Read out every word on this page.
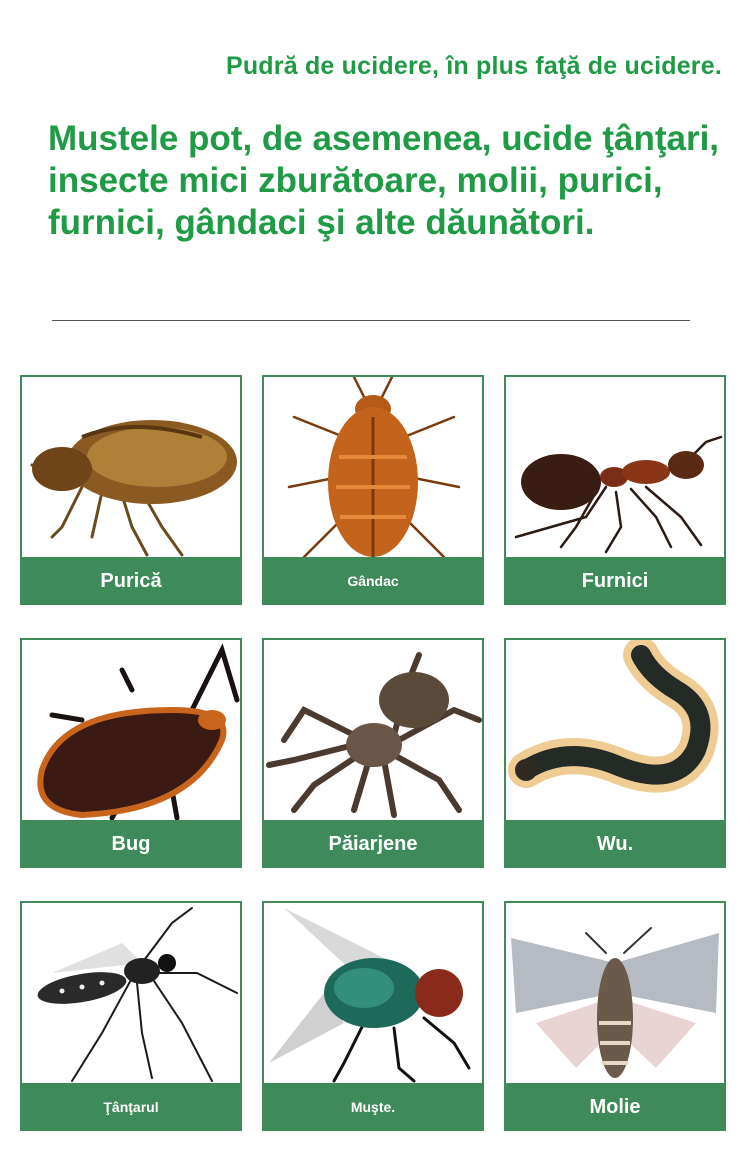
Pudră de ucidere, în plus faţă de ucidere.
Mustele pot, de asemenea, ucide ţânţari, insecte mici zburătoare, molii, purici, furnici, gândaci şi alte dăunători.
Purică	Gândac	Furnici
Bug	Păiarjene	Wu.
Ţânţarul	Muşte.	Molie
